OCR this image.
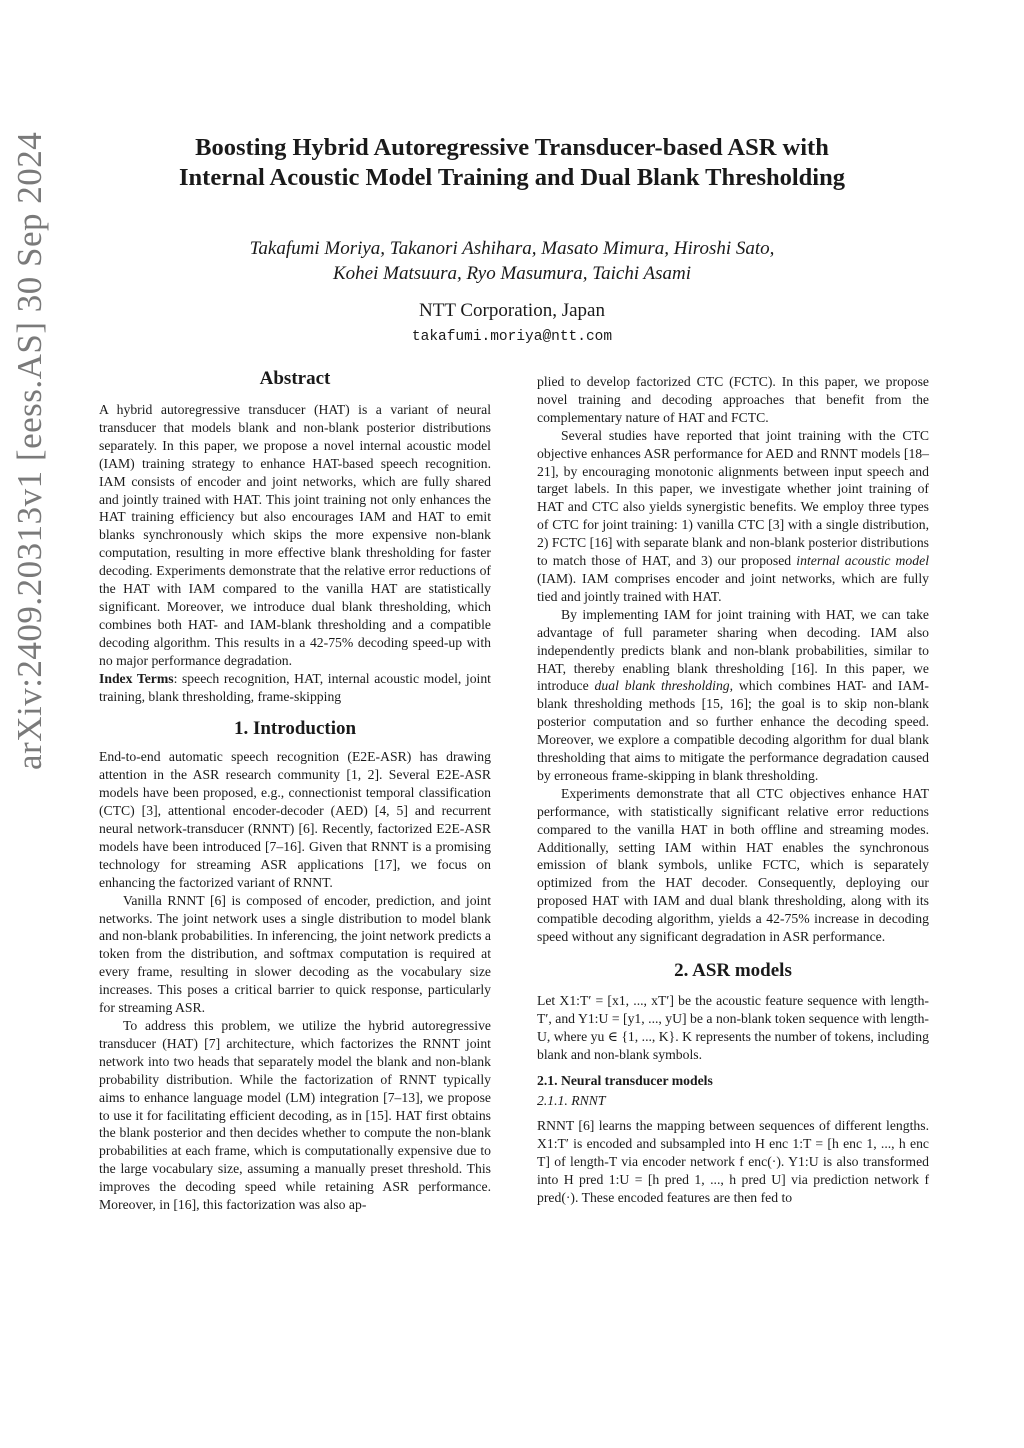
arXiv:2409.20313v1 [eess.AS] 30 Sep 2024	Boosting Hybrid Autoregressive Transducer-based ASR with
Internal Acoustic Model Training and Dual Blank Thresholding
Takafumi Moriya, Takanori Ashihara, Masato Mimura, Hiroshi Sato,
Kohei Matsuura, Ryo Masumura, Taichi Asami
NTT Corporation, Japan
takafumi.moriya@ntt.com
Abstract

A hybrid autoregressive transducer (HAT) is a variant of neural transducer that models blank and non-blank posterior distributions separately. In this paper, we propose a novel internal acoustic model (IAM) training strategy to enhance HAT-based speech recognition. IAM consists of encoder and joint networks, which are fully shared and jointly trained with HAT. This joint training not only enhances the HAT training efficiency but also encourages IAM and HAT to emit blanks synchronously which skips the more expensive non-blank computation, resulting in more effective blank thresholding for faster decoding. Experiments demonstrate that the relative error reductions of the HAT with IAM compared to the vanilla HAT are statistically significant. Moreover, we introduce dual blank thresholding, which combines both HAT- and IAM-blank thresholding and a compatible decoding algorithm. This results in a 42-75% decoding speed-up with no major performance degradation.

Index Terms: speech recognition, HAT, internal acoustic model, joint training, blank thresholding, frame-skipping

1. Introduction

End-to-end automatic speech recognition (E2E-ASR) has drawing attention in the ASR research community [1, 2]. Several E2E-ASR models have been proposed, e.g., connectionist temporal classification (CTC) [3], attentional encoder-decoder (AED) [4, 5] and recurrent neural network-transducer (RNNT) [6]. Recently, factorized E2E-ASR models have been introduced [7–16]. Given that RNNT is a promising technology for streaming ASR applications [17], we focus on enhancing the factorized variant of RNNT.

Vanilla RNNT [6] is composed of encoder, prediction, and joint networks. The joint network uses a single distribution to model blank and non-blank probabilities. In inferencing, the joint network predicts a token from the distribution, and softmax computation is required at every frame, resulting in slower decoding as the vocabulary size increases. This poses a critical barrier to quick response, particularly for streaming ASR.

To address this problem, we utilize the hybrid autoregressive transducer (HAT) [7] architecture, which factorizes the RNNT joint network into two heads that separately model the blank and non-blank probability distribution. While the factorization of RNNT typically aims to enhance language model (LM) integration [7–13], we propose to use it for facilitating efficient decoding, as in [15]. HAT first obtains the blank posterior and then decides whether to compute the non-blank probabilities at each frame, which is computationally expensive due to the large vocabulary size, assuming a manually preset threshold. This improves the decoding speed while retaining ASR performance. Moreover, in [16], this factorization was also ap-

plied to develop factorized CTC (FCTC). In this paper, we propose novel training and decoding approaches that benefit from the complementary nature of HAT and FCTC.

Several studies have reported that joint training with the CTC objective enhances ASR performance for AED and RNNT models [18–21], by encouraging monotonic alignments between input speech and target labels. In this paper, we investigate whether joint training of HAT and CTC also yields synergistic benefits. We employ three types of CTC for joint training: 1) vanilla CTC [3] with a single distribution, 2) FCTC [16] with separate blank and non-blank posterior distributions to match those of HAT, and 3) our proposed internal acoustic model (IAM). IAM comprises encoder and joint networks, which are fully tied and jointly trained with HAT.

By implementing IAM for joint training with HAT, we can take advantage of full parameter sharing when decoding. IAM also independently predicts blank and non-blank probabilities, similar to HAT, thereby enabling blank thresholding [16]. In this paper, we introduce dual blank thresholding, which combines HAT- and IAM-blank thresholding methods [15, 16]; the goal is to skip non-blank posterior computation and so further enhance the decoding speed. Moreover, we explore a compatible decoding algorithm for dual blank thresholding that aims to mitigate the performance degradation caused by erroneous frame-skipping in blank thresholding.

Experiments demonstrate that all CTC objectives enhance HAT performance, with statistically significant relative error reductions compared to the vanilla HAT in both offline and streaming modes. Additionally, setting IAM within HAT enables the synchronous emission of blank symbols, unlike FCTC, which is separately optimized from the HAT decoder. Consequently, deploying our proposed HAT with IAM and dual blank thresholding, along with its compatible decoding algorithm, yields a 42-75% increase in decoding speed without any significant degradation in ASR performance.

2. ASR models

Let X1:T′ = [x1, ..., xT′] be the acoustic feature sequence with length-T′, and Y1:U = [y1, ..., yU] be a non-blank token sequence with length-U, where yu ∈ {1, ..., K}. K represents the number of tokens, including blank and non-blank symbols.

2.1. Neural transducer models
2.1.1. RNNT

RNNT [6] learns the mapping between sequences of different lengths. X1:T′ is encoded and subsampled into H enc 1:T = [h enc 1, ..., h enc T] of length-T via encoder network f enc(·). Y1:U is also transformed into H pred 1:U = [h pred 1, ..., h pred U] via prediction network f pred(·). These encoded features are then fed to
